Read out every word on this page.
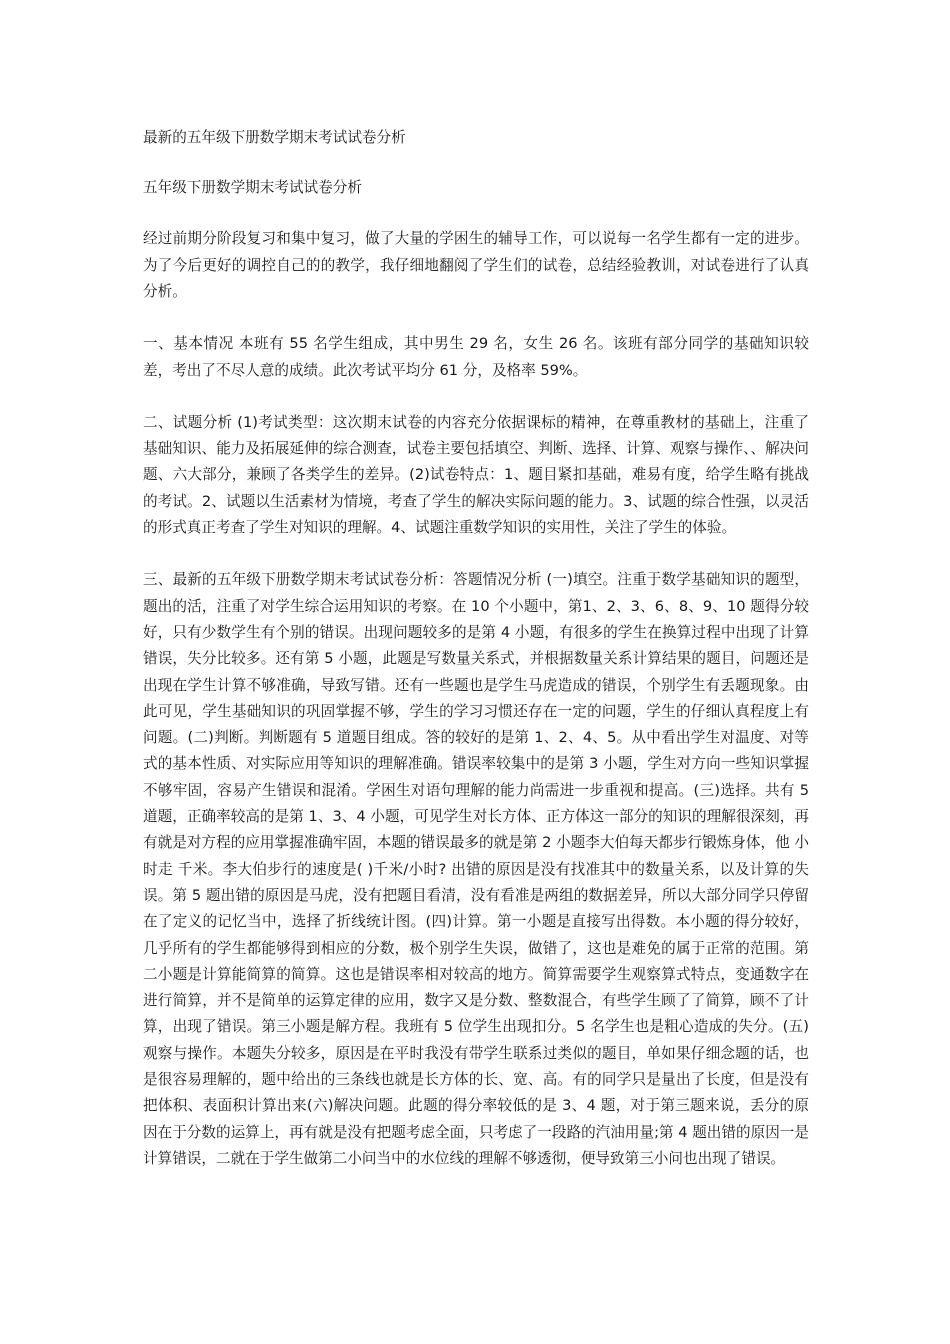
最新的五年级下册数学期末考试试卷分析
五年级下册数学期末考试试卷分析
经过前期分阶段复习和集中复习，做了大量的学困生的辅导工作，可以说每一名学生都有一定的进步。为了今后更好的调控自己的的教学，我仔细地翻阅了学生们的试卷，总结经验教训，对试卷进行了认真分析。
一、基本情况 本班有 55 名学生组成，其中男生 29 名，女生 26 名。该班有部分同学的基础知识较差，考出了不尽人意的成绩。此次考试平均分 61 分，及格率 59%。
二、试题分析 (1)考试类型：这次期末试卷的内容充分依据课标的精神，在尊重教材的基础上，注重了基础知识、能力及拓展延伸的综合测查，试卷主要包括填空、判断、选择、计算、观察与操作、、解决问题、六大部分，兼顾了各类学生的差异。(2)试卷特点：1、题目紧扣基础，难易有度，给学生略有挑战的考试。2、试题以生活素材为情境，考查了学生的解决实际问题的能力。3、试题的综合性强，以灵活的形式真正考查了学生对知识的理解。4、试题注重数学知识的实用性，关注了学生的体验。
三、最新的五年级下册数学期末考试试卷分析：答题情况分析 (一)填空。注重于数学基础知识的题型，题出的活，注重了对学生综合运用知识的考察。在 10 个小题中，第1、2、3、6、8、9、10 题得分较好，只有少数学生有个别的错误。出现问题较多的是第 4 小题，有很多的学生在换算过程中出现了计算错误，失分比较多。还有第 5 小题，此题是写数量关系式，并根据数量关系计算结果的题目，问题还是出现在学生计算不够准确，导致写错。还有一些题也是学生马虎造成的错误，个别学生有丢题现象。由此可见，学生基础知识的巩固掌握不够，学生的学习习惯还存在一定的问题，学生的仔细认真程度上有问题。(二)判断。判断题有 5 道题目组成。答的较好的是第 1、2、4、5。从中看出学生对温度、对等式的基本性质、对实际应用等知识的理解准确。错误率较集中的是第 3 小题，学生对方向一些知识掌握不够牢固，容易产生错误和混淆。学困生对语句理解的能力尚需进一步重视和提高。(三)选择。共有 5 道题，正确率较高的是第 1、3、4 小题，可见学生对长方体、正方体这一部分的知识的理解很深刻，再有就是对方程的应用掌握准确牢固，本题的错误最多的就是第 2 小题李大伯每天都步行锻炼身体，他 小时走 千米。李大伯步行的速度是( )千米/小时? 出错的原因是没有找准其中的数量关系，以及计算的失误。第 5 题出错的原因是马虎，没有把题目看清，没有看准是两组的数据差异，所以大部分同学只停留在了定义的记忆当中，选择了折线统计图。(四)计算。第一小题是直接写出得数。本小题的得分较好，几乎所有的学生都能够得到相应的分数，极个别学生失误，做错了，这也是难免的属于正常的范围。第二小题是计算能简算的简算。这也是错误率相对较高的地方。简算需要学生观察算式特点，变通数字在进行简算，并不是简单的运算定律的应用，数字又是分数、整数混合，有些学生顾了了简算，顾不了计算，出现了错误。第三小题是解方程。我班有 5 位学生出现扣分。5 名学生也是粗心造成的失分。(五)观察与操作。本题失分较多，原因是在平时我没有带学生联系过类似的题目，单如果仔细念题的话，也是很容易理解的，题中给出的三条线也就是长方体的长、宽、高。有的同学只是量出了长度，但是没有把体积、表面积计算出来(六)解决问题。此题的得分率较低的是 3、4 题，对于第三题来说，丢分的原因在于分数的运算上，再有就是没有把题考虑全面，只考虑了一段路的汽油用量;第 4 题出错的原因一是计算错误，二就在于学生做第二小问当中的水位线的理解不够透彻，便导致第三小问也出现了错误。
